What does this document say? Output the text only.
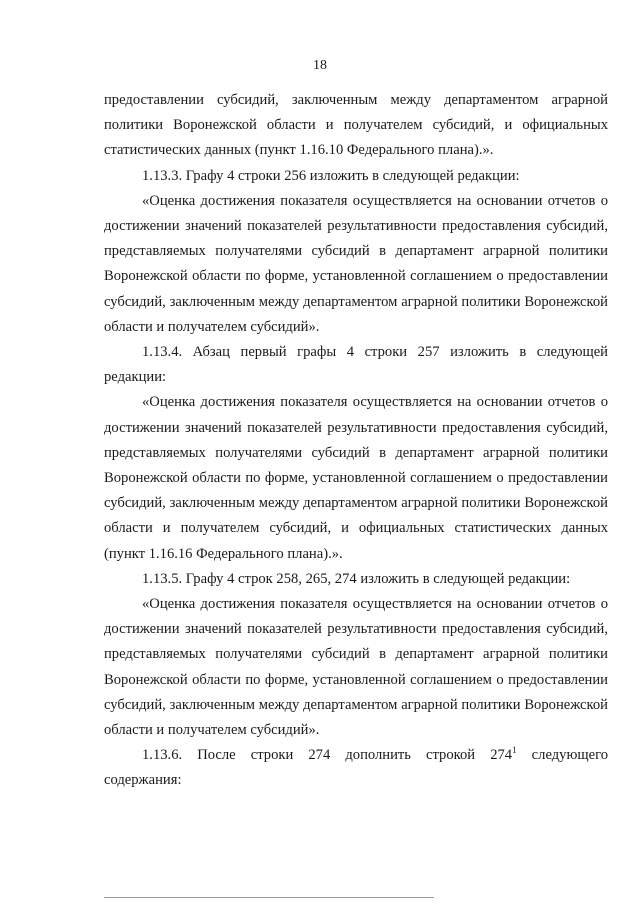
18

предоставлении субсидий, заключенным между департаментом аграрной политики Воронежской области и получателем субсидий, и официальных статистических данных (пункт 1.16.10 Федерального плана).».

1.13.3. Графу 4 строки 256 изложить в следующей редакции:

«Оценка достижения показателя осуществляется на основании отчетов о достижении значений показателей результативности предоставления субсидий, представляемых получателями субсидий в департамент аграрной политики Воронежской области по форме, установленной соглашением о предоставлении субсидий, заключенным между департаментом аграрной политики Воронежской области и получателем субсидий».

1.13.4. Абзац первый графы 4 строки 257 изложить в следующей редакции:

«Оценка достижения показателя осуществляется на основании отчетов о достижении значений показателей результативности предоставления субсидий, представляемых получателями субсидий в департамент аграрной политики Воронежской области по форме, установленной соглашением о предоставлении субсидий, заключенным между департаментом аграрной политики Воронежской области и получателем субсидий, и официальных статистических данных (пункт 1.16.16 Федерального плана).».

1.13.5. Графу 4 строк 258, 265, 274 изложить в следующей редакции:

«Оценка достижения показателя осуществляется на основании отчетов о достижении значений показателей результативности предоставления субсидий, представляемых получателями субсидий в департамент аграрной политики Воронежской области по форме, установленной соглашением о предоставлении субсидий, заключенным между департаментом аграрной политики Воронежской области и получателем субсидий».

1.13.6. После строки 274 дополнить строкой $274^1$ следующего содержания:
